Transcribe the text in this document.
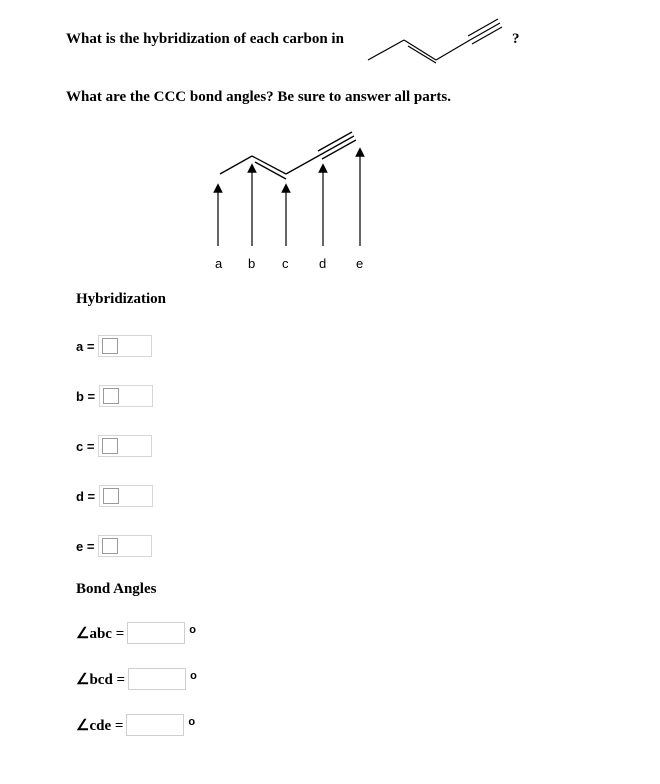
What is the hybridization of each carbon in	?
What are the CCC bond angles? Be sure to answer all parts.
a b c d e
Hybridization
a =
b =
c =
d =
e =
Bond Angles
∠abc =	o
∠bcd =	o
∠cde =	o
